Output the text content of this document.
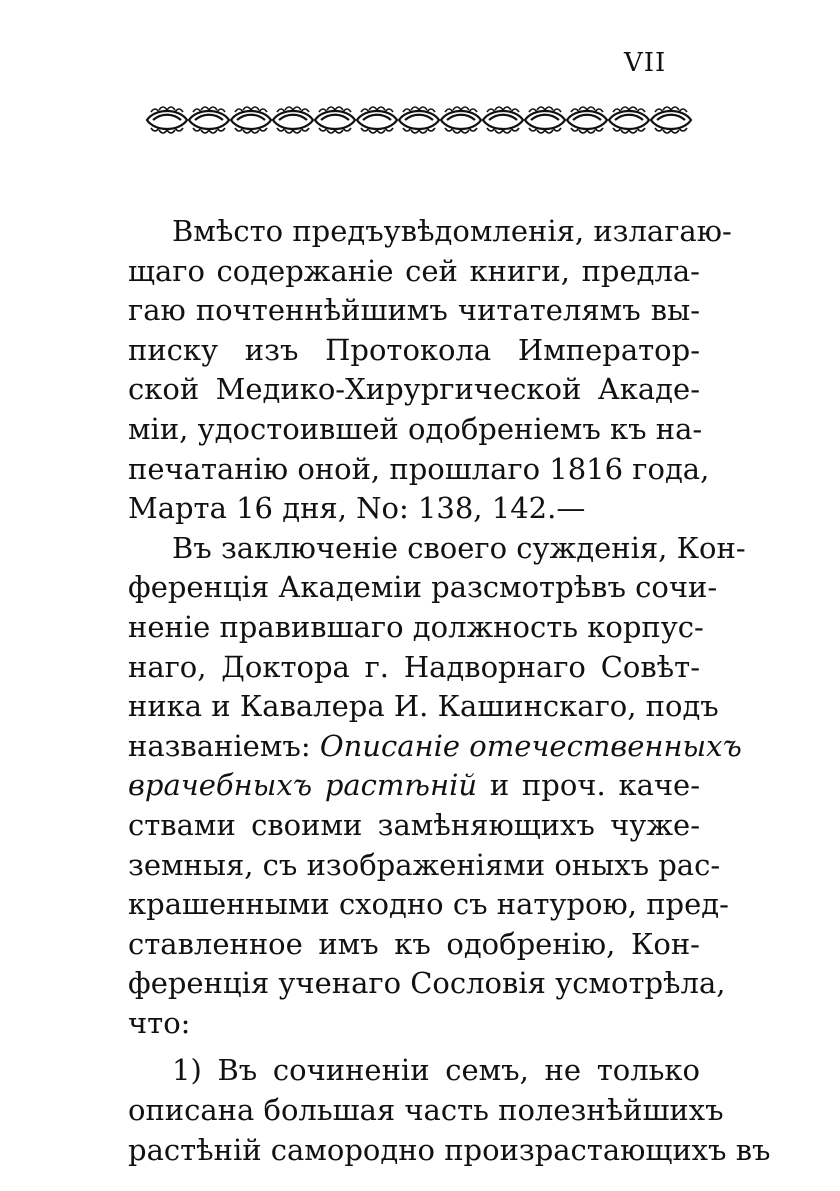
VII
Вмѣсто предъувѣдомленія, излагаю-
щаго содержаніе сей книги, предла-
гаю почтеннѣйшимъ читателямъ вы-
писку изъ Протокола Император-
ской Медико-Хирургической Акаде-
міи, удостоившей одобреніемъ къ на-
печатанію оной, прошлаго 1816 года,
Марта 16 дня, No: 138, 142.—
Въ заключеніе своего сужденія, Кон-
ференція Академіи разсмотрѣвъ сочи-
неніе правившаго должность корпус-
наго, Доктора г. Надворнаго Совѣт-
ника и Кавалера И. Кашинскаго, подъ
названіемъ: Описаніе отечественныхъ
врачебныхъ растѣній и проч. каче-
ствами своими замѣняющихъ чуже-
земныя, съ изображеніями оныхъ рас-
крашенными сходно съ натурою, пред-
ставленное имъ къ одобренію, Кон-
ференція ученаго Сословія усмотрѣла,
что:
1) Въ сочиненіи семъ, не только
описана большая часть полезнѣйшихъ
растѣній самородно произрастающихъ въ
